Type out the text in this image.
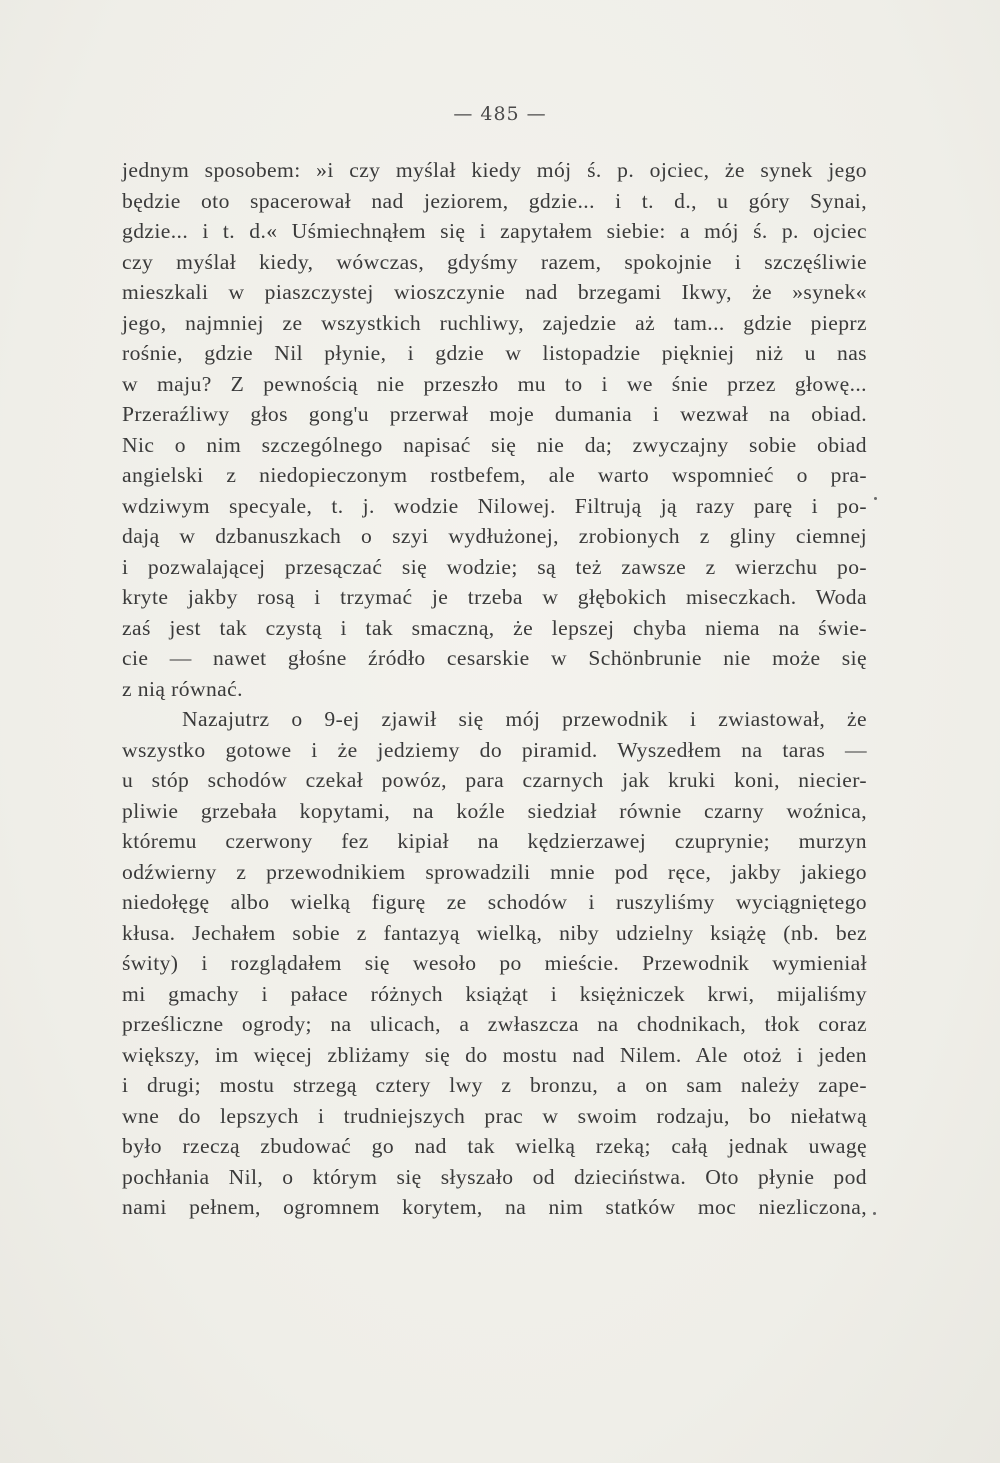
— 485 —
jednym sposobem: »i czy myślał kiedy mój ś. p. ojciec, że synek jego
będzie oto spacerował nad jeziorem, gdzie... i t. d., u góry Synai,
gdzie... i t. d.« Uśmiechnąłem się i zapytałem siebie: a mój ś. p. ojciec
czy myślał kiedy, wówczas, gdyśmy razem, spokojnie i szczęśliwie
mieszkali w piaszczystej wioszczynie nad brzegami Ikwy, że »synek«
jego, najmniej ze wszystkich ruchliwy, zajedzie aż tam... gdzie pieprz
rośnie, gdzie Nil płynie, i gdzie w listopadzie piękniej niż u nas
w maju? Z pewnością nie przeszło mu to i we śnie przez głowę...
Przeraźliwy głos gong'u przerwał moje dumania i wezwał na obiad.
Nic o nim szczególnego napisać się nie da; zwyczajny sobie obiad
angielski z niedopieczonym rostbefem, ale warto wspomnieć o pra-
wdziwym specyale, t. j. wodzie Nilowej. Filtrują ją razy parę i po-
dają w dzbanuszkach o szyi wydłużonej, zrobionych z gliny ciemnej
i pozwalającej przesączać się wodzie; są też zawsze z wierzchu po-
kryte jakby rosą i trzymać je trzeba w głębokich miseczkach. Woda
zaś jest tak czystą i tak smaczną, że lepszej chyba niema na świe-
cie — nawet głośne źródło cesarskie w Schönbrunie nie może się
z nią równać.
Nazajutrz o 9-ej zjawił się mój przewodnik i zwiastował, że
wszystko gotowe i że jedziemy do piramid. Wyszedłem na taras —
u stóp schodów czekał powóz, para czarnych jak kruki koni, niecier-
pliwie grzebała kopytami, na koźle siedział równie czarny woźnica,
któremu czerwony fez kipiał na kędzierzawej czuprynie; murzyn
odźwierny z przewodnikiem sprowadzili mnie pod ręce, jakby jakiego
niedołęgę albo wielką figurę ze schodów i ruszyliśmy wyciągniętego
kłusa. Jechałem sobie z fantazyą wielką, niby udzielny książę (nb. bez
świty) i rozglądałem się wesoło po mieście. Przewodnik wymieniał
mi gmachy i pałace różnych książąt i księżniczek krwi, mijaliśmy
prześliczne ogrody; na ulicach, a zwłaszcza na chodnikach, tłok coraz
większy, im więcej zbliżamy się do mostu nad Nilem. Ale otoż i jeden
i drugi; mostu strzegą cztery lwy z bronzu, a on sam należy zape-
wne do lepszych i trudniejszych prac w swoim rodzaju, bo niełatwą
było rzeczą zbudować go nad tak wielką rzeką; całą jednak uwagę
pochłania Nil, o którym się słyszało od dzieciństwa. Oto płynie pod
nami pełnem, ogromnem korytem, na nim statków moc niezliczona,
